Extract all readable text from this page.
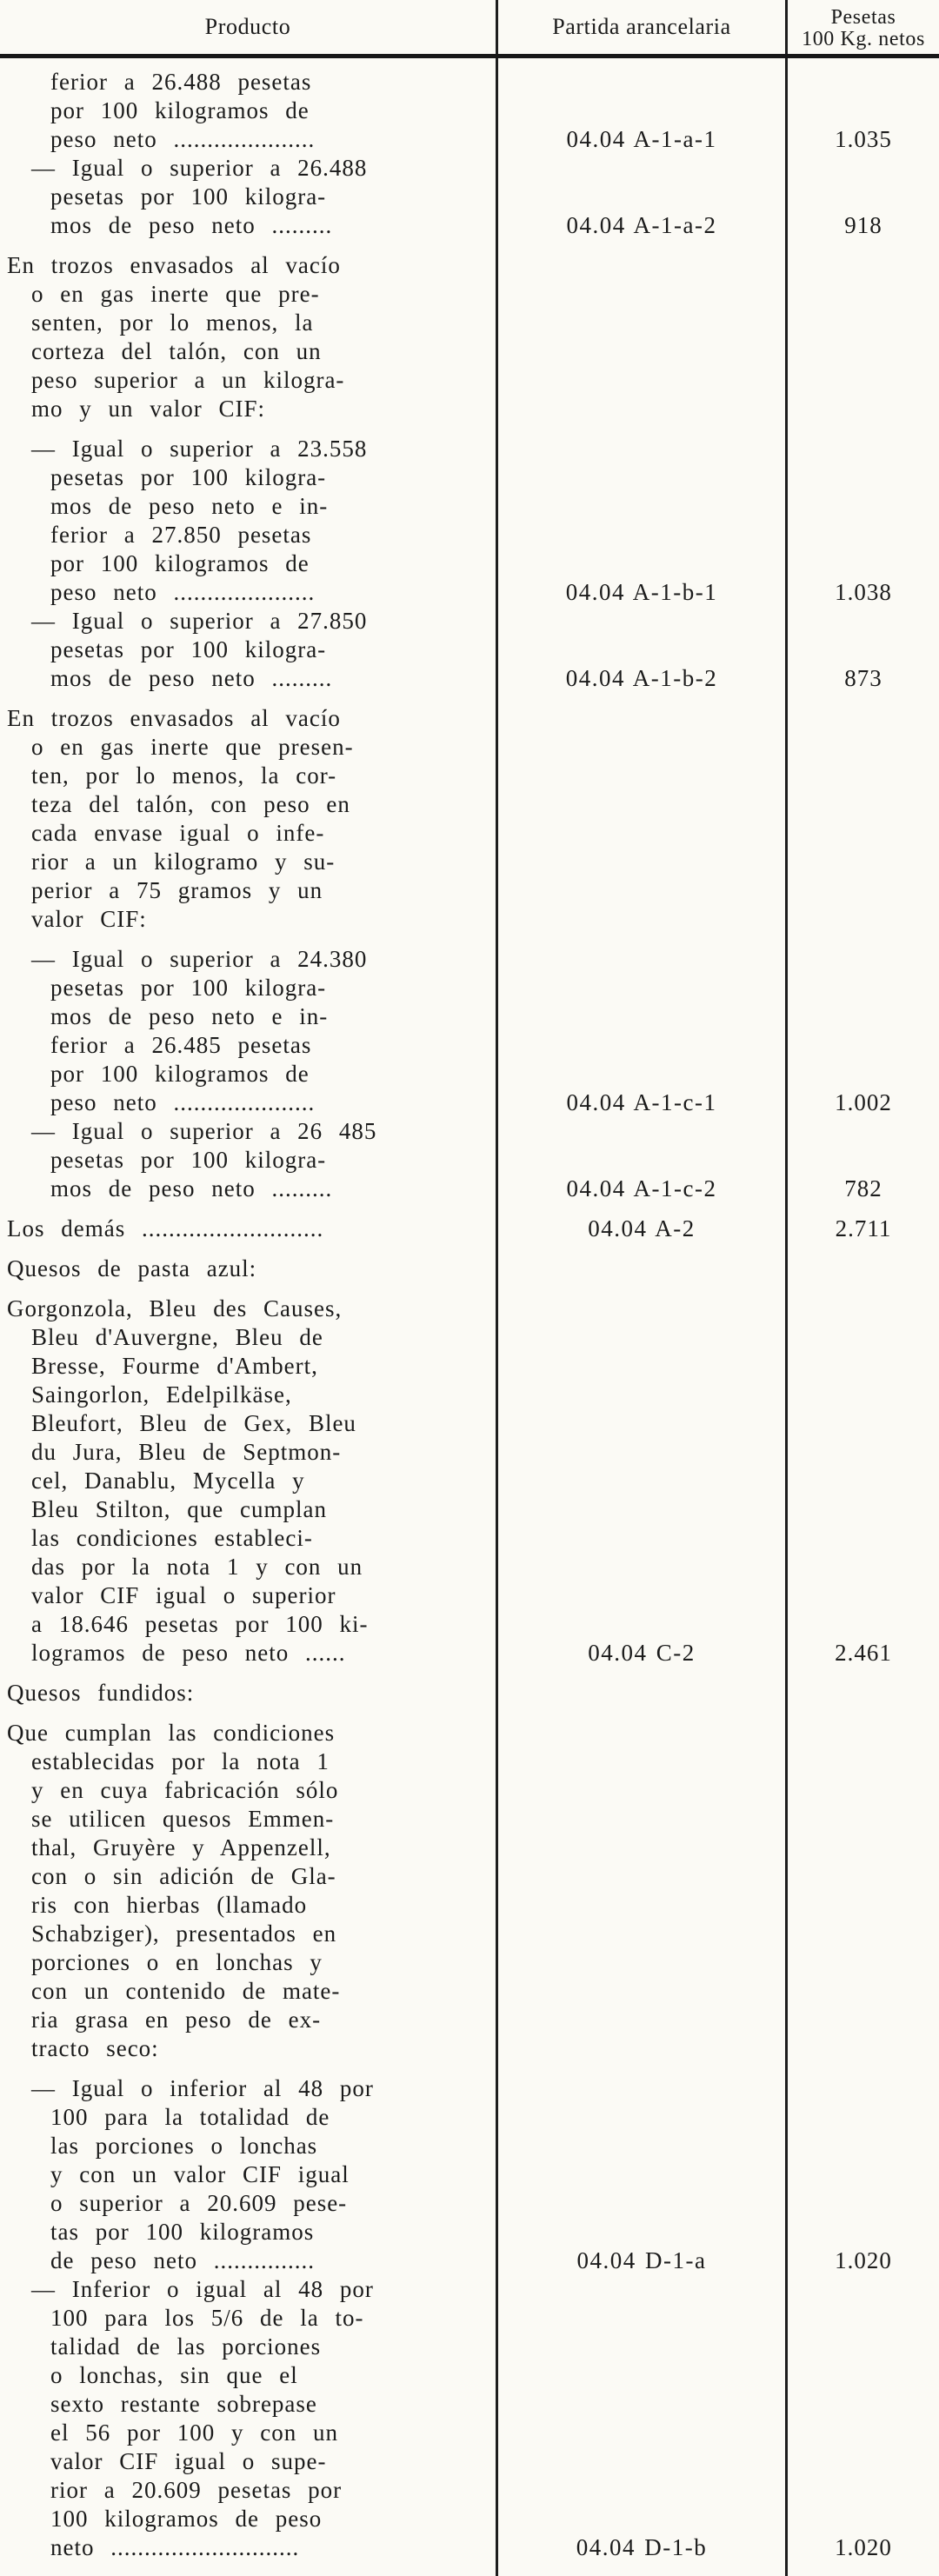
Producto	Partida arancelaria	Pesetas
100 Kg. netos
ferior a 26.488 pesetas
por 100 kilogramos de
peso neto .....................	04.04 A-1-a-1	1.035
— Igual o superior a 26.488
pesetas por 100 kilogra-
mos de peso neto .........	04.04 A-1-a-2	918
En trozos envasados al vacío
o en gas inerte que pre-
senten, por lo menos, la
corteza del talón, con un
peso superior a un kilogra-
mo y un valor CIF:
— Igual o superior a 23.558
pesetas por 100 kilogra-
mos de peso neto e in-
ferior a 27.850 pesetas
por 100 kilogramos de
peso neto .....................	04.04 A-1-b-1	1.038
— Igual o superior a 27.850
pesetas por 100 kilogra-
mos de peso neto .........	04.04 A-1-b-2	873
En trozos envasados al vacío
o en gas inerte que presen-
ten, por lo menos, la cor-
teza del talón, con peso en
cada envase igual o infe-
rior a un kilogramo y su-
perior a 75 gramos y un
valor CIF:
— Igual o superior a 24.380
pesetas por 100 kilogra-
mos de peso neto e in-
ferior a 26.485 pesetas
por 100 kilogramos de
peso neto .....................	04.04 A-1-c-1	1.002
— Igual o superior a 26 485
pesetas por 100 kilogra-
mos de peso neto .........	04.04 A-1-c-2	782
Los demás ...........................	04.04 A-2	2.711
Quesos de pasta azul:
Gorgonzola, Bleu des Causes,
Bleu d'Auvergne, Bleu de
Bresse, Fourme d'Ambert,
Saingorlon, Edelpilkäse,
Bleufort, Bleu de Gex, Bleu
du Jura, Bleu de Septmon-
cel, Danablu, Mycella y
Bleu Stilton, que cumplan
las condiciones estableci-
das por la nota 1 y con un
valor CIF igual o superior
a 18.646 pesetas por 100 ki-
logramos de peso neto ......	04.04 C-2	2.461
Quesos fundidos:
Que cumplan las condiciones
establecidas por la nota 1
y en cuya fabricación sólo
se utilicen quesos Emmen-
thal, Gruyère y Appenzell,
con o sin adición de Gla-
ris con hierbas (llamado
Schabziger), presentados en
porciones o en lonchas y
con un contenido de mate-
ria grasa en peso de ex-
tracto seco:
— Igual o inferior al 48 por
100 para la totalidad de
las porciones o lonchas
y con un valor CIF igual
o superior a 20.609 pese-
tas por 100 kilogramos
de peso neto ...............	04.04 D-1-a	1.020
— Inferior o igual al 48 por
100 para los 5/6 de la to-
talidad de las porciones
o lonchas, sin que el
sexto restante sobrepase
el 56 por 100 y con un
valor CIF igual o supe-
rior a 20.609 pesetas por
100 kilogramos de peso
neto ............................	04.04 D-1-b	1.020
